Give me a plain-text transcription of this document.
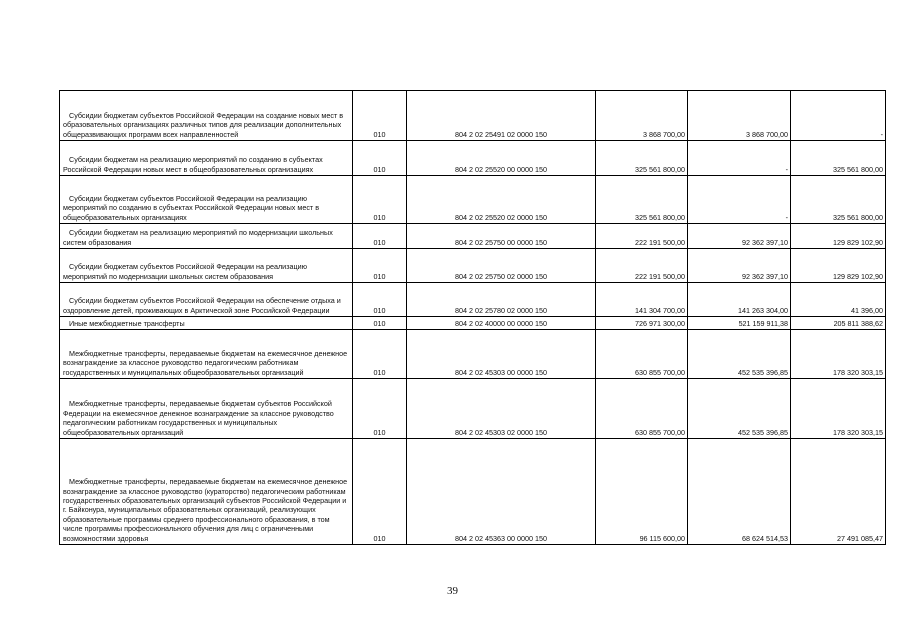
Субсидии бюджетам субъектов Российской Федерации на создание новых мест в образовательных организациях различных типов для реализации дополнительных общеразвивающих программ всех направленностей	010	804 2 02 25491 02 0000 150	3 868 700,00	3 868 700,00	-
Субсидии бюджетам на реализацию мероприятий по созданию в субъектах Российской Федерации новых мест в общеобразовательных организациях	010	804 2 02 25520 00 0000 150	325 561 800,00	-	325 561 800,00
Субсидии бюджетам субъектов Российской Федерации на реализацию мероприятий по созданию в субъектах Российской Федерации новых мест в общеобразовательных организациях	010	804 2 02 25520 02 0000 150	325 561 800,00	-	325 561 800,00
Субсидии бюджетам на реализацию мероприятий по модернизации школьных систем образования	010	804 2 02 25750 00 0000 150	222 191 500,00	92 362 397,10	129 829 102,90
Субсидии бюджетам субъектов Российской Федерации на реализацию мероприятий по модернизации школьных систем образования	010	804 2 02 25750 02 0000 150	222 191 500,00	92 362 397,10	129 829 102,90
Субсидии бюджетам субъектов Российской Федерации на обеспечение отдыха и оздоровление детей, проживающих в Арктической зоне Российской Федерации	010	804 2 02 25780 02 0000 150	141 304 700,00	141 263 304,00	41 396,00
Иные межбюджетные трансферты	010	804 2 02 40000 00 0000 150	726 971 300,00	521 159 911,38	205 811 388,62
Межбюджетные трансферты, передаваемые бюджетам на ежемесячное денежное вознаграждение за классное руководство педагогическим работникам государственных и муниципальных общеобразовательных организаций	010	804 2 02 45303 00 0000 150	630 855 700,00	452 535 396,85	178 320 303,15
Межбюджетные трансферты, передаваемые бюджетам субъектов Российской Федерации на ежемесячное денежное вознаграждение за классное руководство педагогическим работникам государственных и муниципальных общеобразовательных организаций	010	804 2 02 45303 02 0000 150	630 855 700,00	452 535 396,85	178 320 303,15
Межбюджетные трансферты, передаваемые бюджетам на ежемесячное денежное вознаграждение за классное руководство (кураторство) педагогическим работникам государственных образовательных организаций субъектов Российской Федерации и г. Байконура, муниципальных образовательных организаций, реализующих образовательные программы среднего профессионального образования, в том числе программы профессионального обучения для лиц с ограниченными возможностями здоровья	010	804 2 02 45363 00 0000 150	96 115 600,00	68 624 514,53	27 491 085,47
39
